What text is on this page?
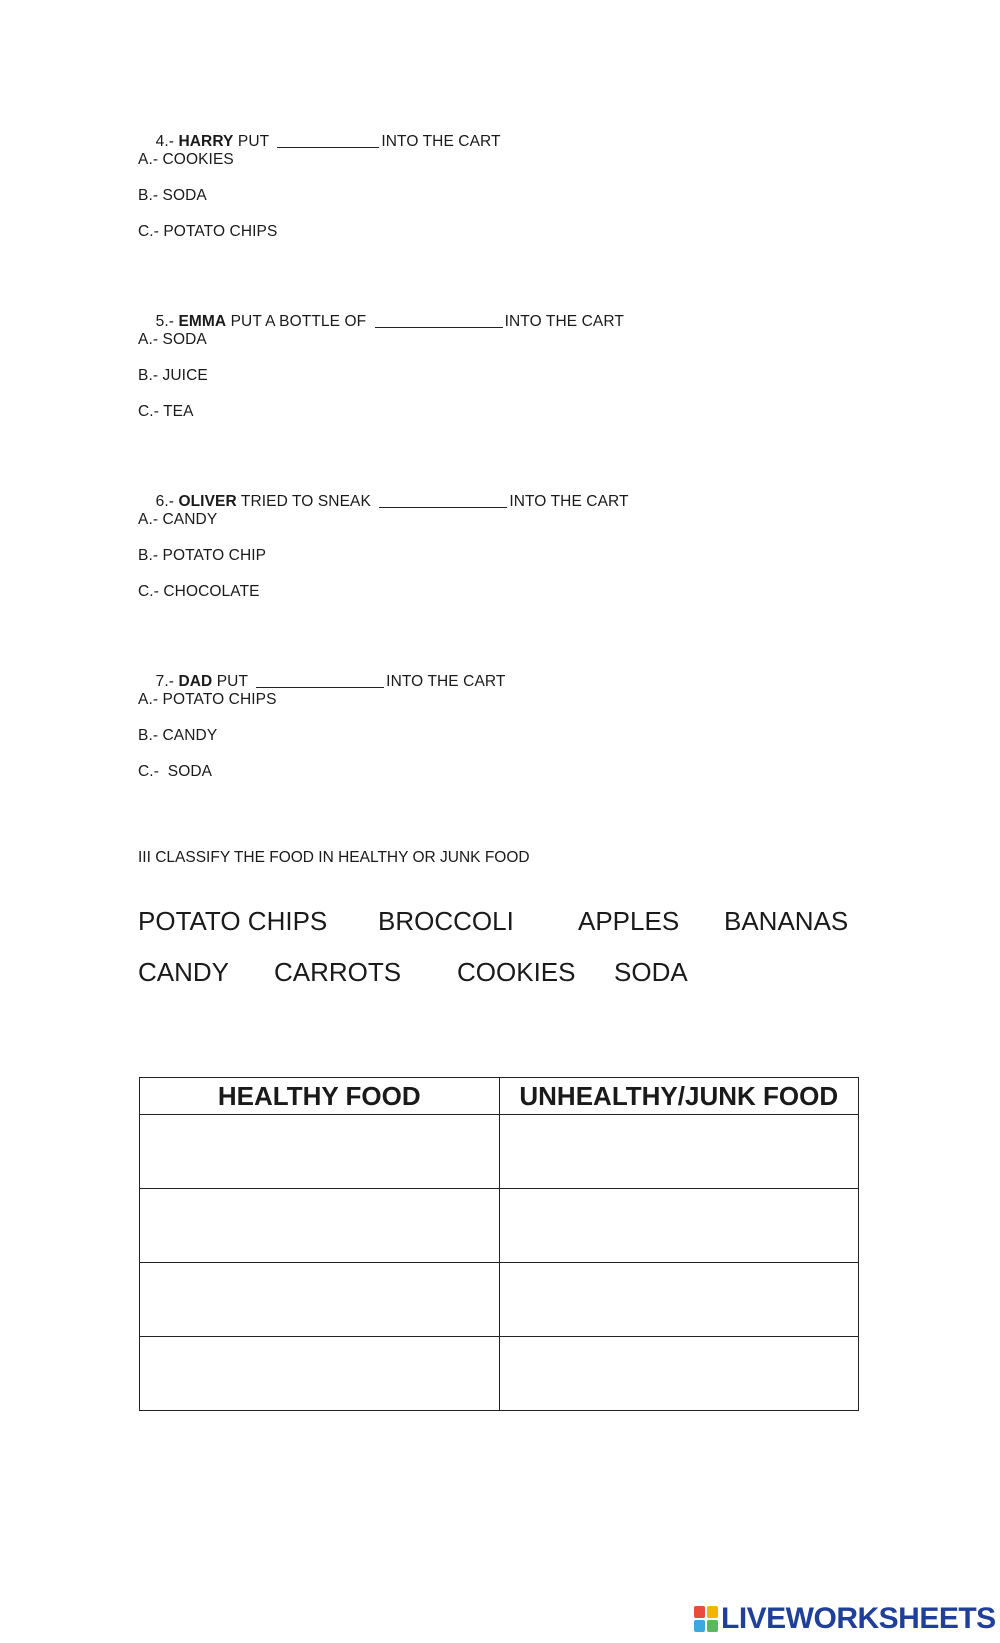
4.- HARRY PUT	INTO THE CART

A.- COOKIES
B.- SODA
C.- POTATO CHIPS

5.- EMMA PUT A BOTTLE OF	INTO THE CART

A.- SODA
B.- JUICE
C.- TEA

6.- OLIVER TRIED TO SNEAK	INTO THE CART

A.- CANDY
B.- POTATO CHIP
C.- CHOCOLATE

7.- DAD PUT	INTO THE CART

A.- POTATO CHIPS
B.- CANDY
C.-  SODA
III CLASSIFY THE FOOD IN HEALTHY OR JUNK FOOD
POTATO CHIPS BROCCOLI APPLES BANANAS
CANDY CARROTS COOKIES SODA
HEALTHY FOOD	UNHEALTHY/JUNK FOOD

LIVEWORKSHEETS
